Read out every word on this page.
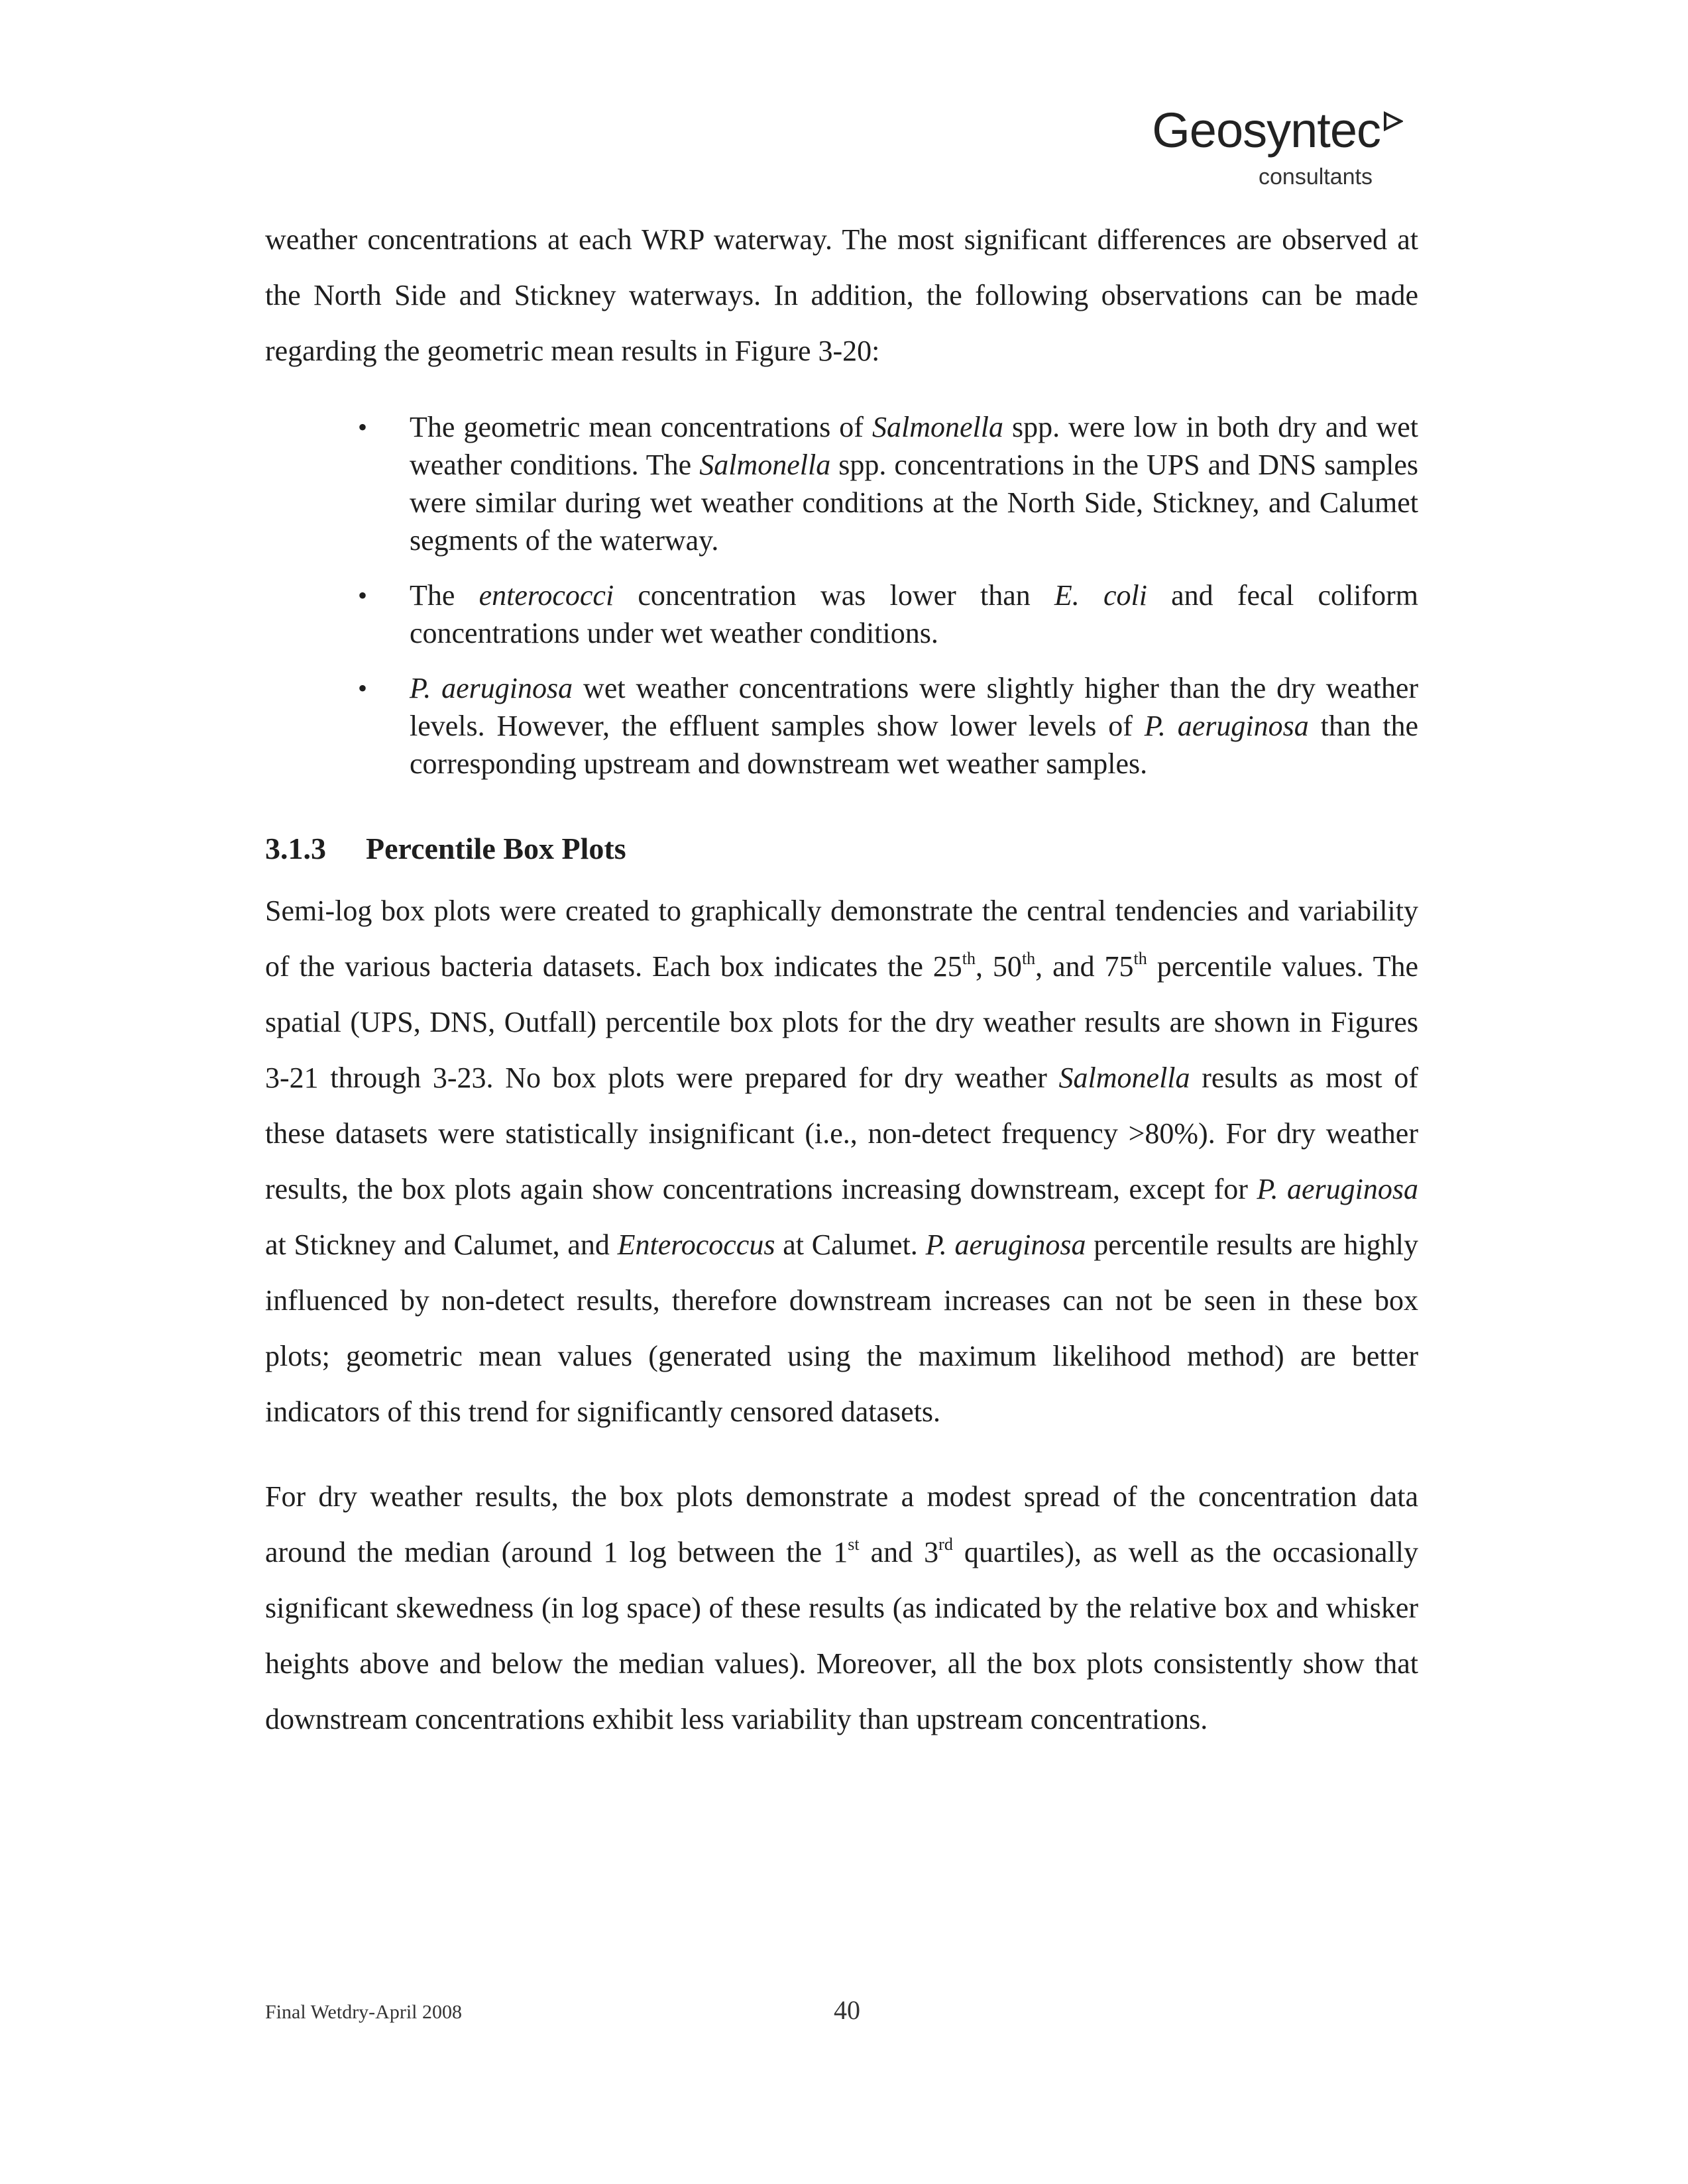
Geosyntec
consultants

weather concentrations at each WRP waterway. The most significant differences are observed at the North Side and Stickney waterways. In addition, the following observations can be made regarding the geometric mean results in Figure 3-20:

• The geometric mean concentrations of Salmonella spp. were low in both dry and wet weather conditions. The Salmonella spp. concentrations in the UPS and DNS samples were similar during wet weather conditions at the North Side, Stickney, and Calumet segments of the waterway.
• The enterococci concentration was lower than E. coli and fecal coliform concentrations under wet weather conditions.
• P. aeruginosa wet weather concentrations were slightly higher than the dry weather levels. However, the effluent samples show lower levels of P. aeruginosa than the corresponding upstream and downstream wet weather samples.
3.1.3 Percentile Box Plots

Semi-log box plots were created to graphically demonstrate the central tendencies and variability of the various bacteria datasets. Each box indicates the 25th, 50th, and 75th percentile values. The spatial (UPS, DNS, Outfall) percentile box plots for the dry weather results are shown in Figures 3-21 through 3-23. No box plots were prepared for dry weather Salmonella results as most of these datasets were statistically insignificant (i.e., non-detect frequency >80%). For dry weather results, the box plots again show concentrations increasing downstream, except for P. aeruginosa at Stickney and Calumet, and Enterococcus at Calumet. P. aeruginosa percentile results are highly influenced by non-detect results, therefore downstream increases can not be seen in these box plots; geometric mean values (generated using the maximum likelihood method) are better indicators of this trend for significantly censored datasets.

For dry weather results, the box plots demonstrate a modest spread of the concentration data around the median (around 1 log between the 1st and 3rd quartiles), as well as the occasionally significant skewedness (in log space) of these results (as indicated by the relative box and whisker heights above and below the median values). Moreover, all the box plots consistently show that downstream concentrations exhibit less variability than upstream concentrations.

Final Wetdry-April 2008	40
